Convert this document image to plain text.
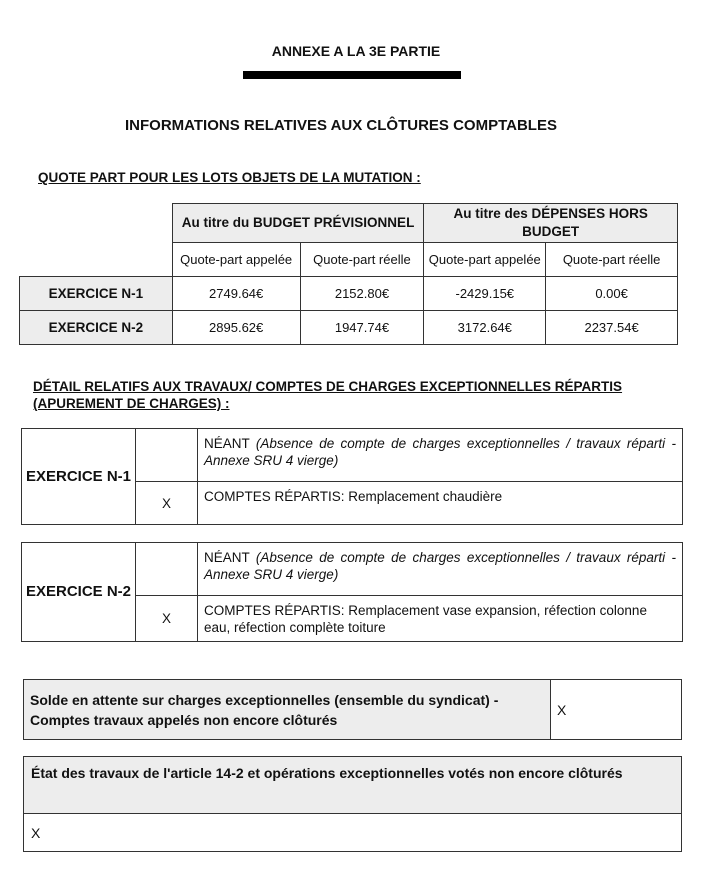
ANNEXE A LA 3E PARTIE
INFORMATIONS RELATIVES AUX CLÔTURES COMPTABLES
QUOTE PART POUR LES LOTS OBJETS DE LA MUTATION :
	Au titre du BUDGET PRÉVISIONNEL		Au titre des DÉPENSES HORS BUDGET	
	Quote-part appelée	Quote-part réelle	Quote-part appelée	Quote-part réelle
EXERCICE N-1	2749.64€	2152.80€	-2429.15€	0.00€
EXERCICE N-2	2895.62€	1947.74€	3172.64€	2237.54€
DÉTAIL RELATIFS AUX TRAVAUX/ COMPTES DE CHARGES EXCEPTIONNELLES RÉPARTIS (APUREMENT DE CHARGES) :
EXERCICE N-1		NÉANT (Absence de compte de charges exceptionnelles / travaux réparti - Annexe SRU 4 vierge)
	X	COMPTES RÉPARTIS: Remplacement chaudière
EXERCICE N-2		NÉANT (Absence de compte de charges exceptionnelles / travaux réparti - Annexe SRU 4 vierge)
	X	COMPTES RÉPARTIS: Remplacement vase expansion, réfection colonne eau, réfection complète toiture
Solde en attente sur charges exceptionnelles (ensemble du syndicat) - Comptes travaux appelés non encore clôturés	X
État des travaux de l'article 14-2 et opérations exceptionnelles votés non encore clôturés
X
